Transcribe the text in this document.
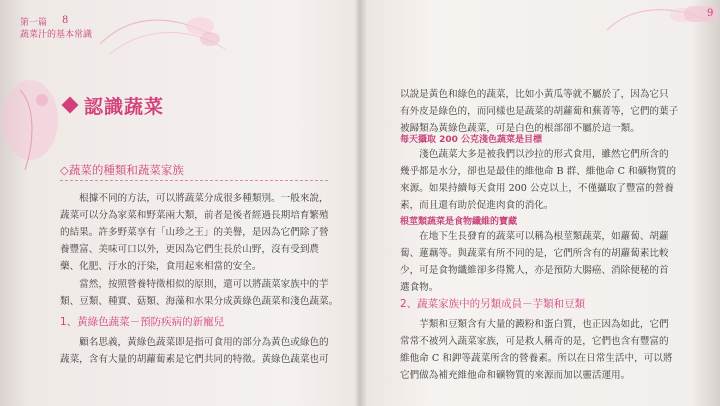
第一篇 8
蔬菜汁的基本常識
認識蔬菜
◇蔬菜的種類和蔬菜家族
　　根據不同的方法，可以將蔬菜分成很多種類別。一般來說，
蔬菜可以分為家菜和野菜兩大類，前者是後者經過長期培育繁殖
的結果。許多野菜享有「山珍之王」的美譽，是因為它們除了營
養豐富、美味可口以外，更因為它們生長於山野，沒有受到農
藥、化肥、汙水的汙染，食用起來相當的安全。
　　當然，按照營養特徵相似的原則，還可以將蔬菜家族中的芋
類、豆類、種實、菇類、海藻和水果分成黃綠色蔬菜和淺色蔬菜。
1、黃綠色蔬菜－預防疾病的新寵兒
　　顧名思義，黃綠色蔬菜即是指可食用的部分為黃色或綠色的
蔬菜，含有大量的胡蘿蔔素是它們共同的特徵。黃綠色蔬菜也可
9
以說是黃色和綠色的蔬菜，比如小黃瓜等就不屬於了，因為它只
有外皮是綠色的，而同樣也是蔬菜的胡蘿蔔和蕪菁等，它們的葉子
被歸類為黃綠色蔬菜，可是白色的根部卻不屬於這一類。
每天攝取 200 公克淺色蔬菜是目標
　　淺色蔬菜大多是被我們以沙拉的形式食用，雖然它們所含的
幾乎都是水分，卻也是最佳的維他命 B 群、維他命 C 和礦物質的
來源。如果持續每天食用 200 公克以上，不僅攝取了豐富的營養
素，而且還有助於促進肉食的消化。
根莖類蔬菜是食物纖維的寶藏
　　在地下生長發育的蔬菜可以稱為根莖類蔬菜，如蘿蔔、胡蘿
蔔、蓮藕等。與蔬菜有所不同的是，它們所含有的胡蘿蔔素比較
少，可是食物纖維卻多得驚人，亦是預防大腸癌、消除便秘的首
選食物。
2、蔬菜家族中的另類成員－芋類和豆類
　　芋類和豆類含有大量的澱粉和蛋白質，也正因為如此，它們
常常不被列入蔬菜家族，可是救人稱奇的是，它們也含有豐富的
維他命 C 和鉀等蔬菜所含的營養素。所以在日常生活中，可以將
它們做為補充維他命和礦物質的來源而加以靈活運用。
